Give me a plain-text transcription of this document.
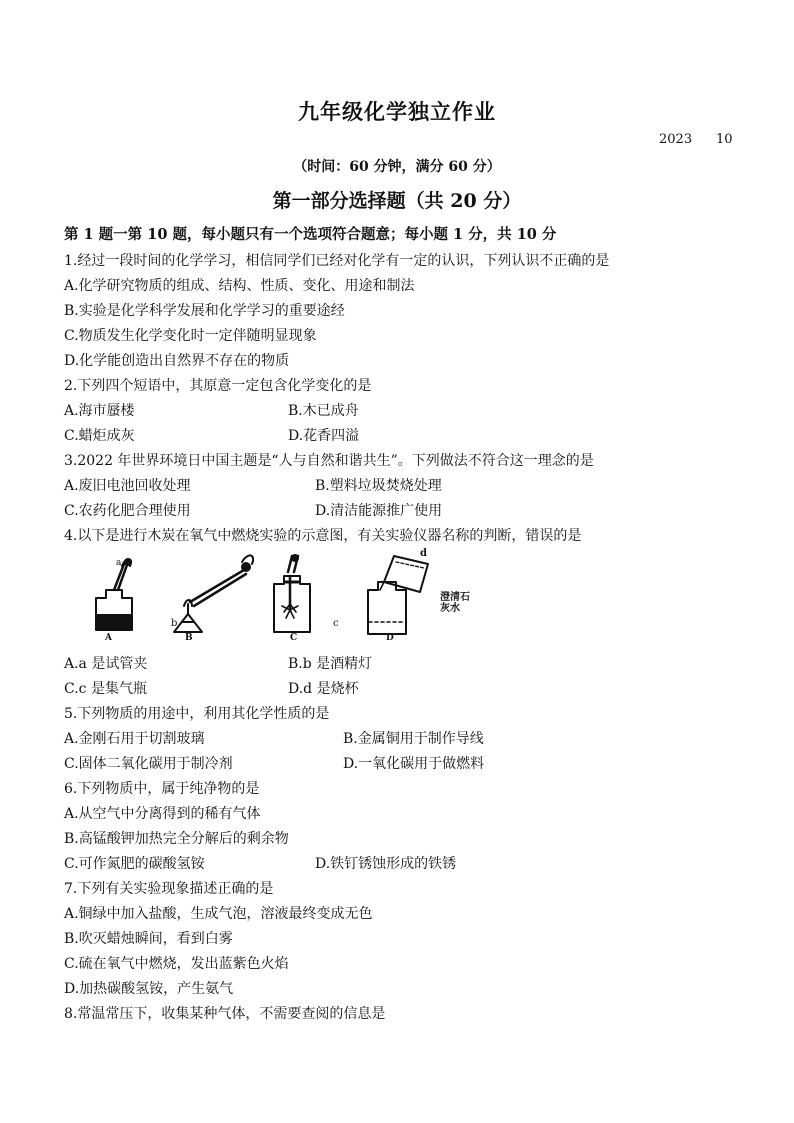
九年级化学独立作业
2023 10
（时间：60 分钟，满分 60 分）
第一部分选择题（共 20 分）
第 1 题一第 10 题，每小题只有一个选项符合题意；每小题 1 分，共 10 分
1.经过一段时间的化学学习，相信同学们已经对化学有一定的认识，下列认识不正确的是
A.化学研究物质的组成、结构、性质、变化、用途和制法
B.实验是化学科学发展和化学学习的重要途经
C.物质发生化学变化时一定伴随明显现象
D.化学能创造出自然界不存在的物质
2.下列四个短语中，其原意一定包含化学变化的是
A.海市蜃楼	B.木已成舟
C.蜡炬成灰	D.花香四溢
3.2022 年世界环境日中国主题是“人与自然和谐共生”。下列做法不符合这一理念的是
A.废旧电池回收处理	B.塑料垃圾焚烧处理
C.农药化肥合理使用	D.清洁能源推广使用
4.以下是进行木炭在氧气中燃烧实验的示意图，有关实验仪器名称的判断，错误的是
a
b	c
d
澄清石
灰水
A	B	C	D
A.a 是试管夹	B.b 是酒精灯
C.c 是集气瓶	D.d 是烧杯
5.下列物质的用途中，利用其化学性质的是
A.金刚石用于切割玻璃	B.金属铜用于制作导线
C.固体二氧化碳用于制冷剂	D.一氧化碳用于做燃料
6.下列物质中，属于纯净物的是
A.从空气中分离得到的稀有气体
B.高锰酸钾加热完全分解后的剩余物
C.可作氮肥的碳酸氢铵	D.铁钉锈蚀形成的铁锈
7.下列有关实验现象描述正确的是
A.铜绿中加入盐酸，生成气泡，溶液最终变成无色
B.吹灭蜡烛瞬间，看到白雾
C.硫在氧气中燃烧，发出蓝紫色火焰
D.加热碳酸氢铵，产生氨气
8.常温常压下，收集某种气体，不需要查阅的信息是
